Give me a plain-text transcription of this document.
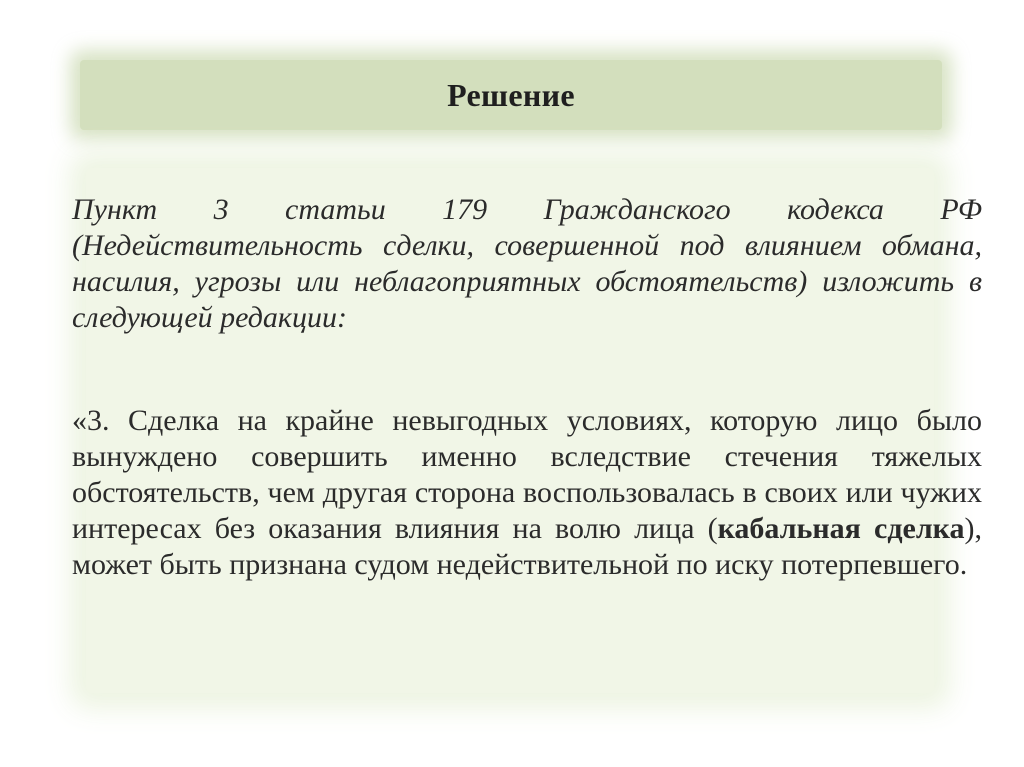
Решение

Пункт 3 статьи 179 Гражданского кодекса РФ (Недействительность сделки, совершенной под влиянием обмана, насилия, угрозы или неблагоприятных обстоятельств) изложить в следующей редакции:

«3. Сделка на крайне невыгодных условиях, которую лицо было вынуждено совершить именно вследствие стечения тяжелых обстоятельств, чем другая сторона воспользовалась в своих или чужих интересах без оказания влияния на волю лица (кабальная сделка), может быть признана судом недействительной по иску потерпевшего.
